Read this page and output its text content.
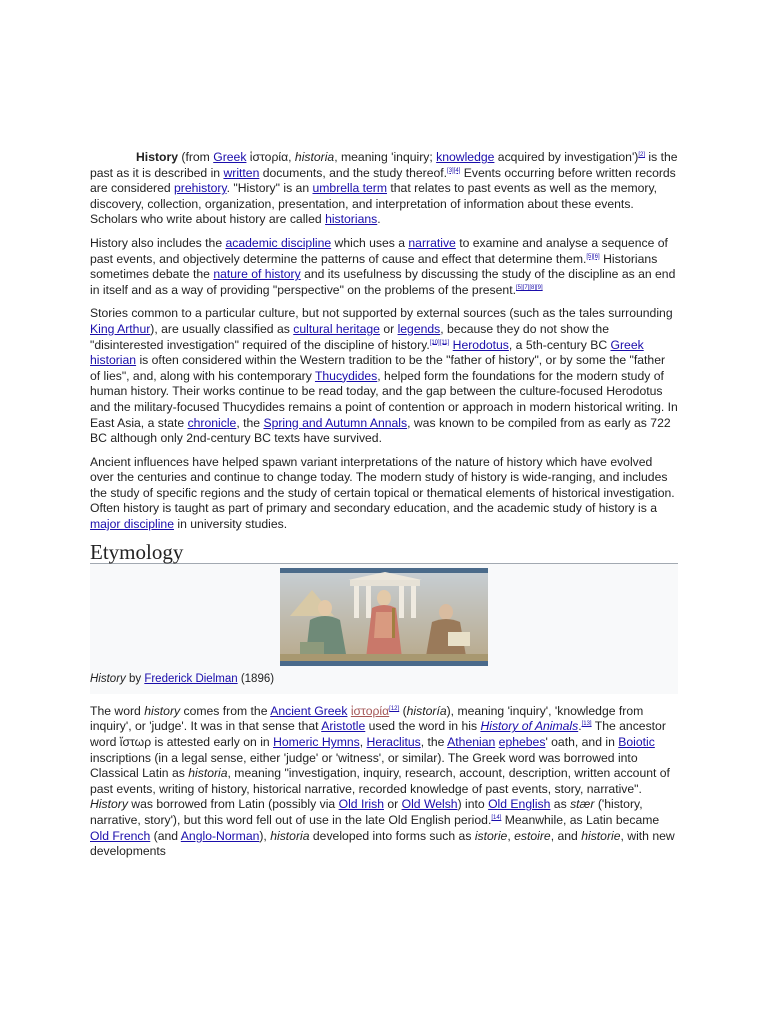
History (from Greek ἱστορία, historia, meaning 'inquiry; knowledge acquired by investigation')[2] is the past as it is described in written documents, and the study thereof.[3][4] Events occurring before written records are considered prehistory. "History" is an umbrella term that relates to past events as well as the memory, discovery, collection, organization, presentation, and interpretation of information about these events. Scholars who write about history are called historians.

History also includes the academic discipline which uses a narrative to examine and analyse a sequence of past events, and objectively determine the patterns of cause and effect that determine them.[5][6] Historians sometimes debate the nature of history and its usefulness by discussing the study of the discipline as an end in itself and as a way of providing "perspective" on the problems of the present.[5][7][8][9]

Stories common to a particular culture, but not supported by external sources (such as the tales surrounding King Arthur), are usually classified as cultural heritage or legends, because they do not show the "disinterested investigation" required of the discipline of history.[10][11] Herodotus, a 5th-century BC Greek historian is often considered within the Western tradition to be the "father of history", or by some the "father of lies", and, along with his contemporary Thucydides, helped form the foundations for the modern study of human history. Their works continue to be read today, and the gap between the culture-focused Herodotus and the military-focused Thucydides remains a point of contention or approach in modern historical writing. In East Asia, a state chronicle, the Spring and Autumn Annals, was known to be compiled from as early as 722 BC although only 2nd-century BC texts have survived.

Ancient influences have helped spawn variant interpretations of the nature of history which have evolved over the centuries and continue to change today. The modern study of history is wide-ranging, and includes the study of specific regions and the study of certain topical or thematical elements of historical investigation. Often history is taught as part of primary and secondary education, and the academic study of history is a major discipline in university studies.

Etymology
History by Frederick Dielman (1896)

The word history comes from the Ancient Greek ἱστορία[12] (historía), meaning 'inquiry', 'knowledge from inquiry', or 'judge'. It was in that sense that Aristotle used the word in his History of Animals.[13] The ancestor word ἵστωρ is attested early on in Homeric Hymns, Heraclitus, the Athenian ephebes' oath, and in Boiotic inscriptions (in a legal sense, either 'judge' or 'witness', or similar). The Greek word was borrowed into Classical Latin as historia, meaning "investigation, inquiry, research, account, description, written account of past events, writing of history, historical narrative, recorded knowledge of past events, story, narrative". History was borrowed from Latin (possibly via Old Irish or Old Welsh) into Old English as stær ('history, narrative, story'), but this word fell out of use in the late Old English period.[14] Meanwhile, as Latin became Old French (and Anglo-Norman), historia developed into forms such as istorie, estoire, and historie, with new developments
